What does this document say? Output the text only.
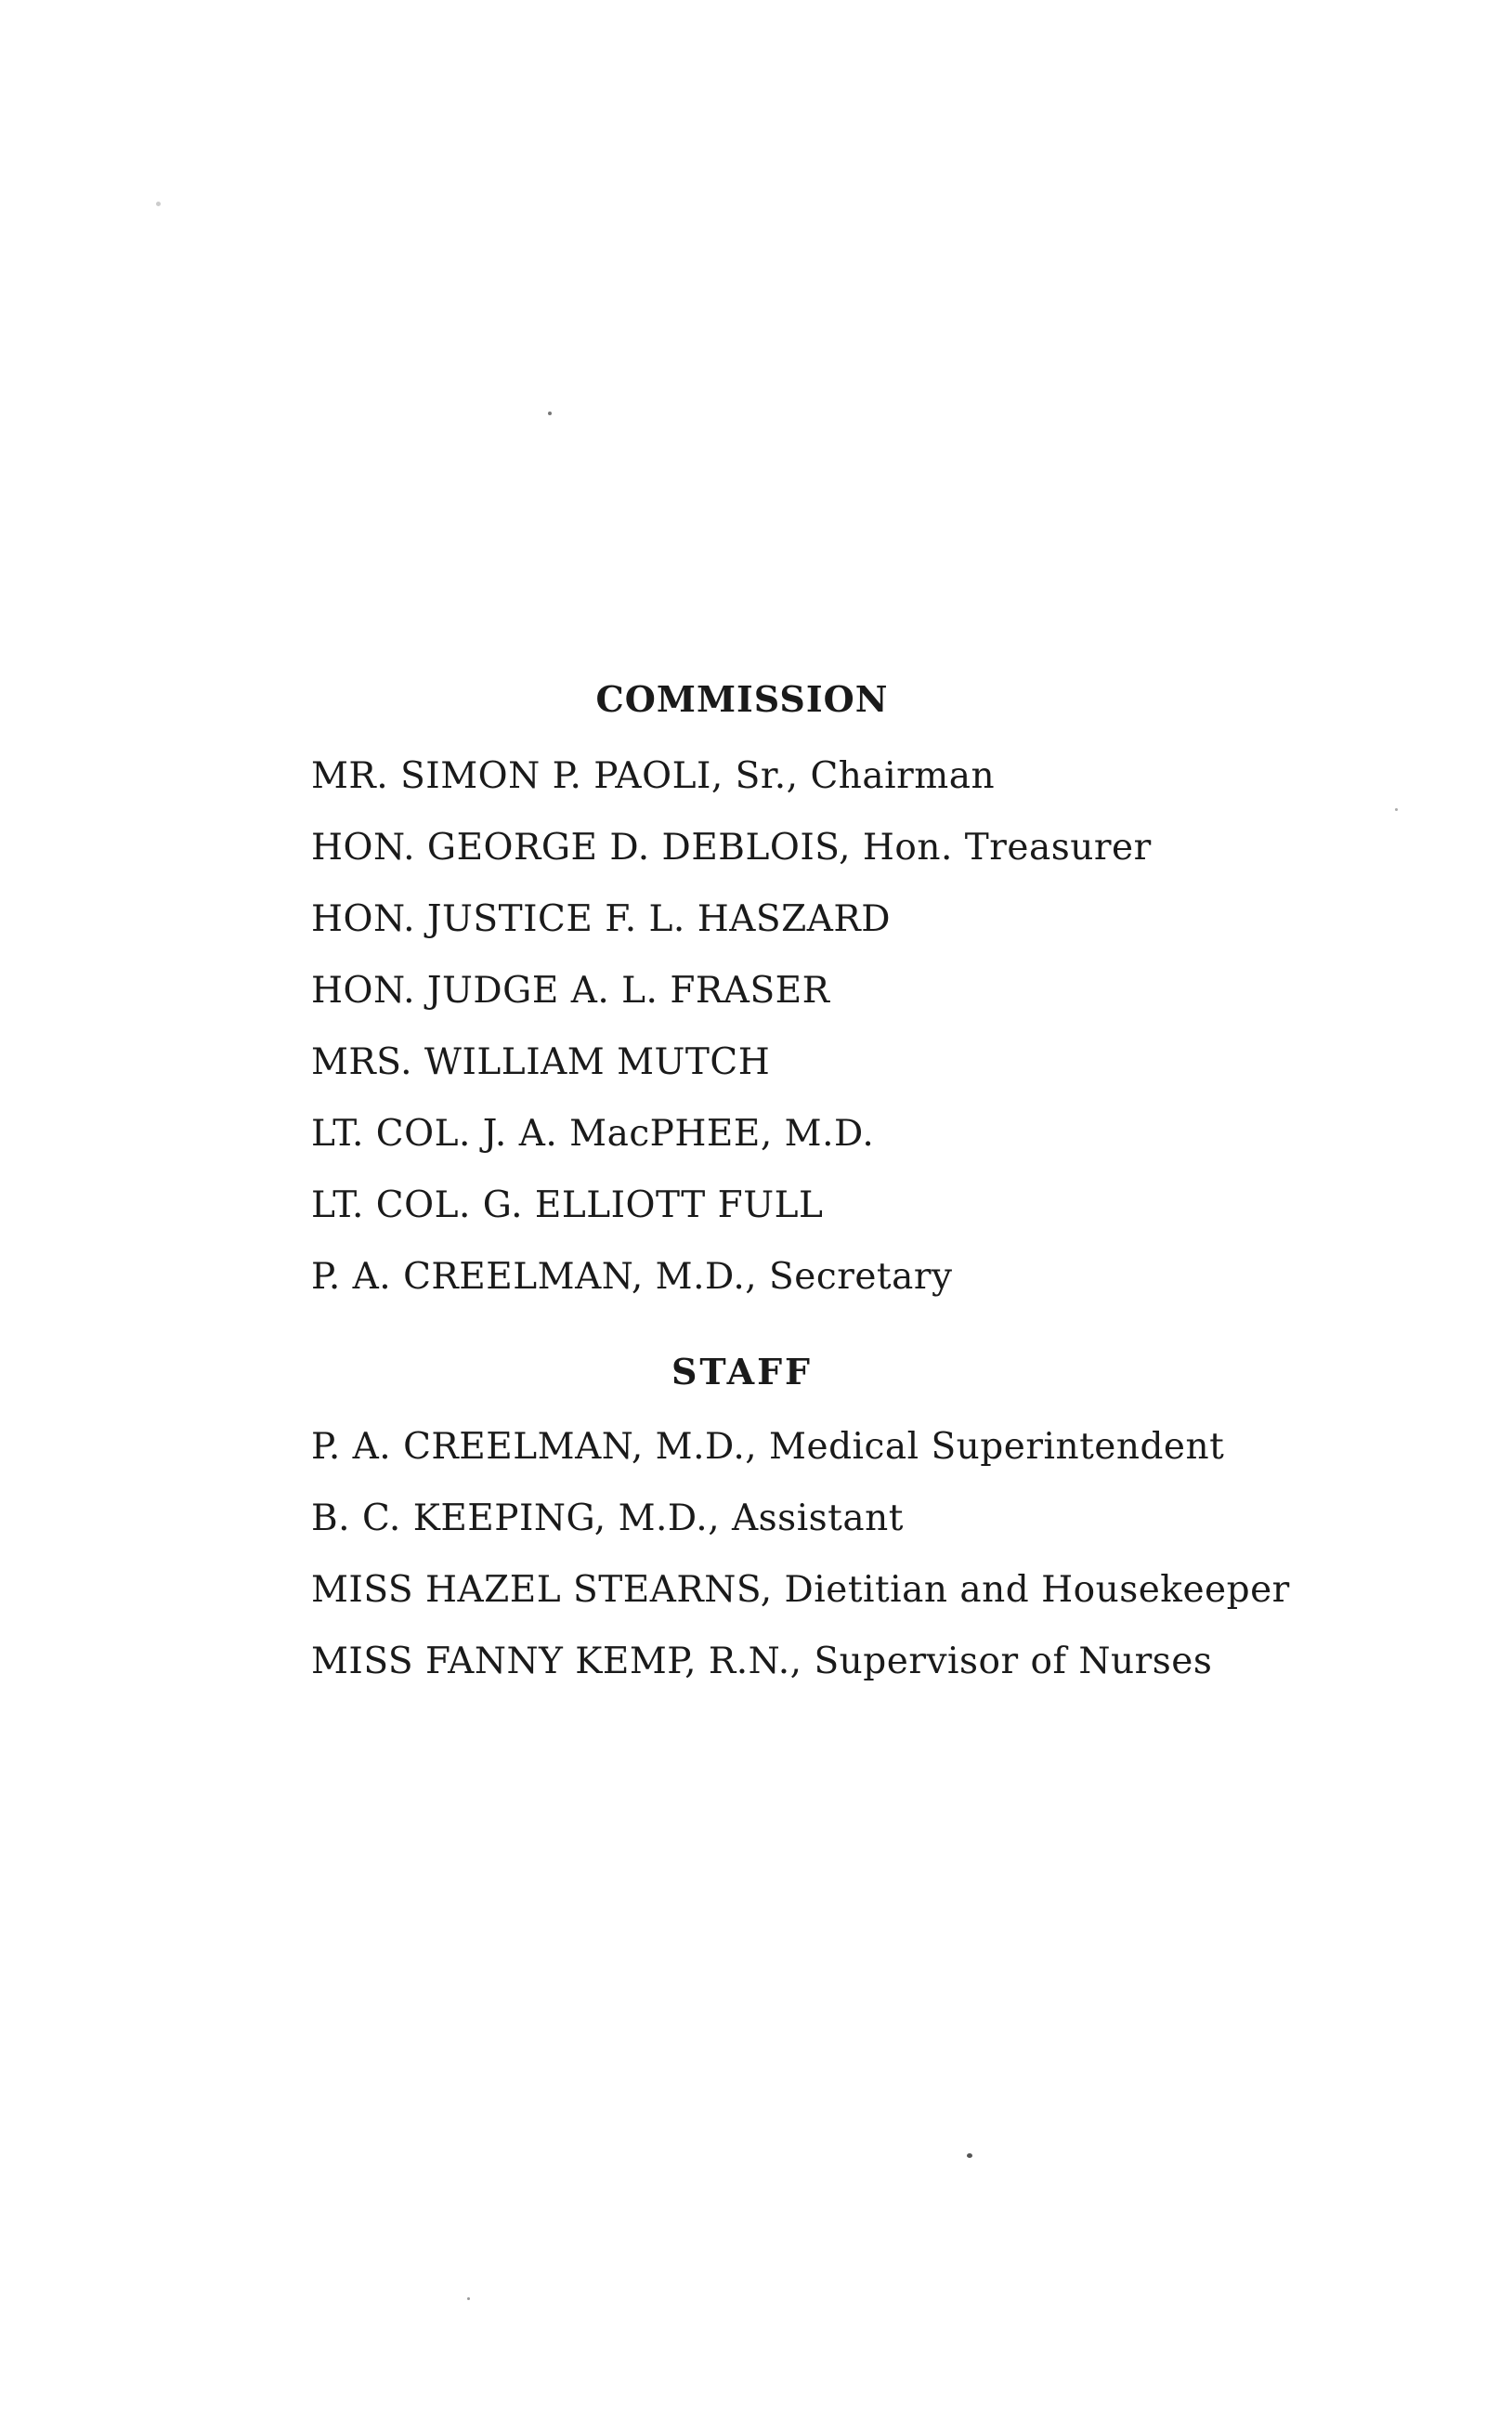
COMMISSION
MR. SIMON P. PAOLI, Sr., Chairman
HON. GEORGE D. DEBLOIS, Hon. Treasurer
HON. JUSTICE F. L. HASZARD
HON. JUDGE A. L. FRASER
MRS. WILLIAM MUTCH
LT. COL. J. A. MacPHEE, M.D.
LT. COL. G. ELLIOTT FULL
P. A. CREELMAN, M.D., Secretary
STAFF
P. A. CREELMAN, M.D., Medical Superintendent
B. C. KEEPING, M.D., Assistant
MISS HAZEL STEARNS, Dietitian and Housekeeper
MISS FANNY KEMP, R.N., Supervisor of Nurses
